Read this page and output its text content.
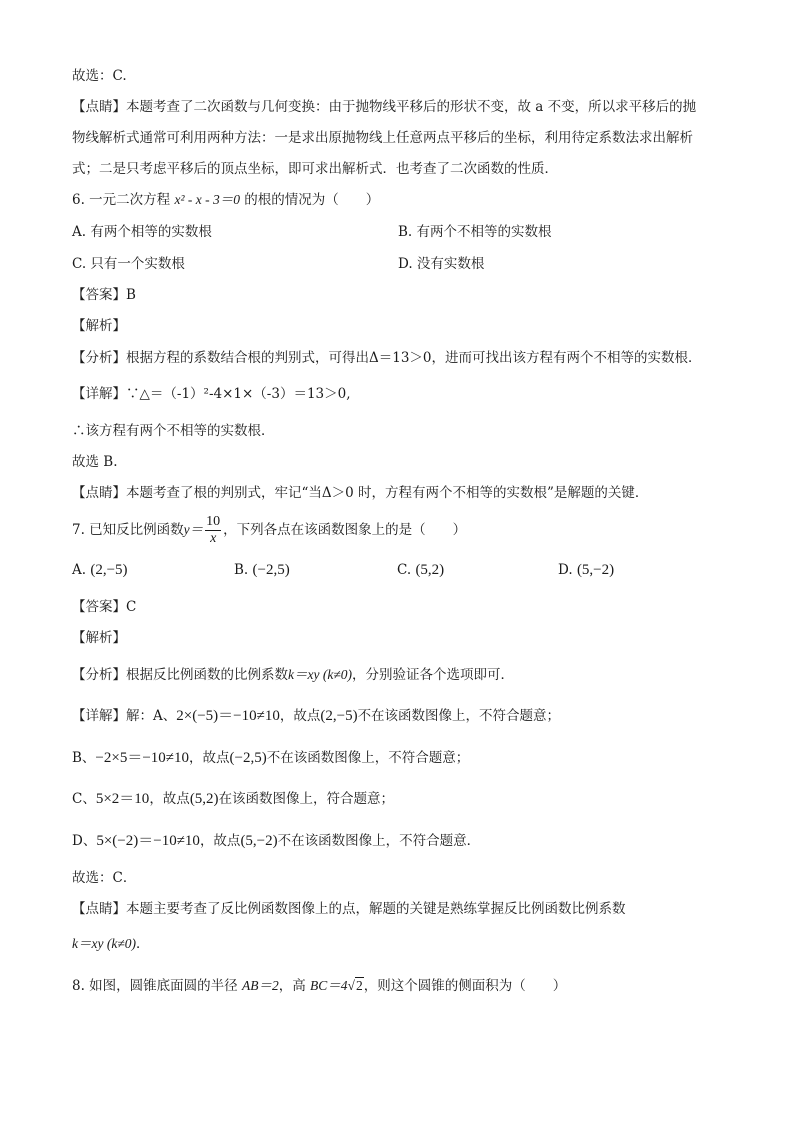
故选：C.
【点睛】本题考查了二次函数与几何变换：由于抛物线平移后的形状不变，故 a 不变，所以求平移后的抛
物线解析式通常可利用两种方法：一是求出原抛物线上任意两点平移后的坐标，利用待定系数法求出解析
式；二是只考虑平移后的顶点坐标，即可求出解析式．也考查了二次函数的性质．
6. 一元二次方程 x² - x - 3＝0 的根的情况为（　　）
A. 有两个相等的实数根	B. 有两个不相等的实数根
C. 只有一个实数根	D. 没有实数根
【答案】B
【解析】
【分析】根据方程的系数结合根的判别式，可得出Δ＝13＞0，进而可找出该方程有两个不相等的实数根．
【详解】∵△＝（-1）²-4×1×（-3）＝13＞0,
∴该方程有两个不相等的实数根．
故选 B.
【点睛】本题考查了根的判别式，牢记“当Δ＞0 时，方程有两个不相等的实数根”是解题的关键．
7. 已知反比例函数$y= \frac{10}{x}$ ，下列各点在该函数图象上的是（　　）
A. (2,−5)	B. (−2,5)	C. (5,2)	D. (5,−2)
【答案】C
【解析】
【分析】根据反比例函数的比例系数k＝xy (k≠0)，分别验证各个选项即可．
【详解】解：A、2×(−5)＝−10≠10，故点(2,−5)不在该函数图像上，不符合题意；
B、−2×5＝−10≠10，故点(−2,5)不在该函数图像上，不符合题意；
C、5×2＝10，故点(5,2)在该函数图像上，符合题意；
D、5×(−2)＝−10≠10，故点(5,−2)不在该函数图像上，不符合题意．
故选：C．
【点睛】本题主要考查了反比例函数图像上的点，解题的关键是熟练掌握反比例函数比例系数
k＝xy (k≠0)．
8. 如图，圆锥底面圆的半径 AB＝2，高 BC＝4√2，则这个圆锥的侧面积为（　　）
